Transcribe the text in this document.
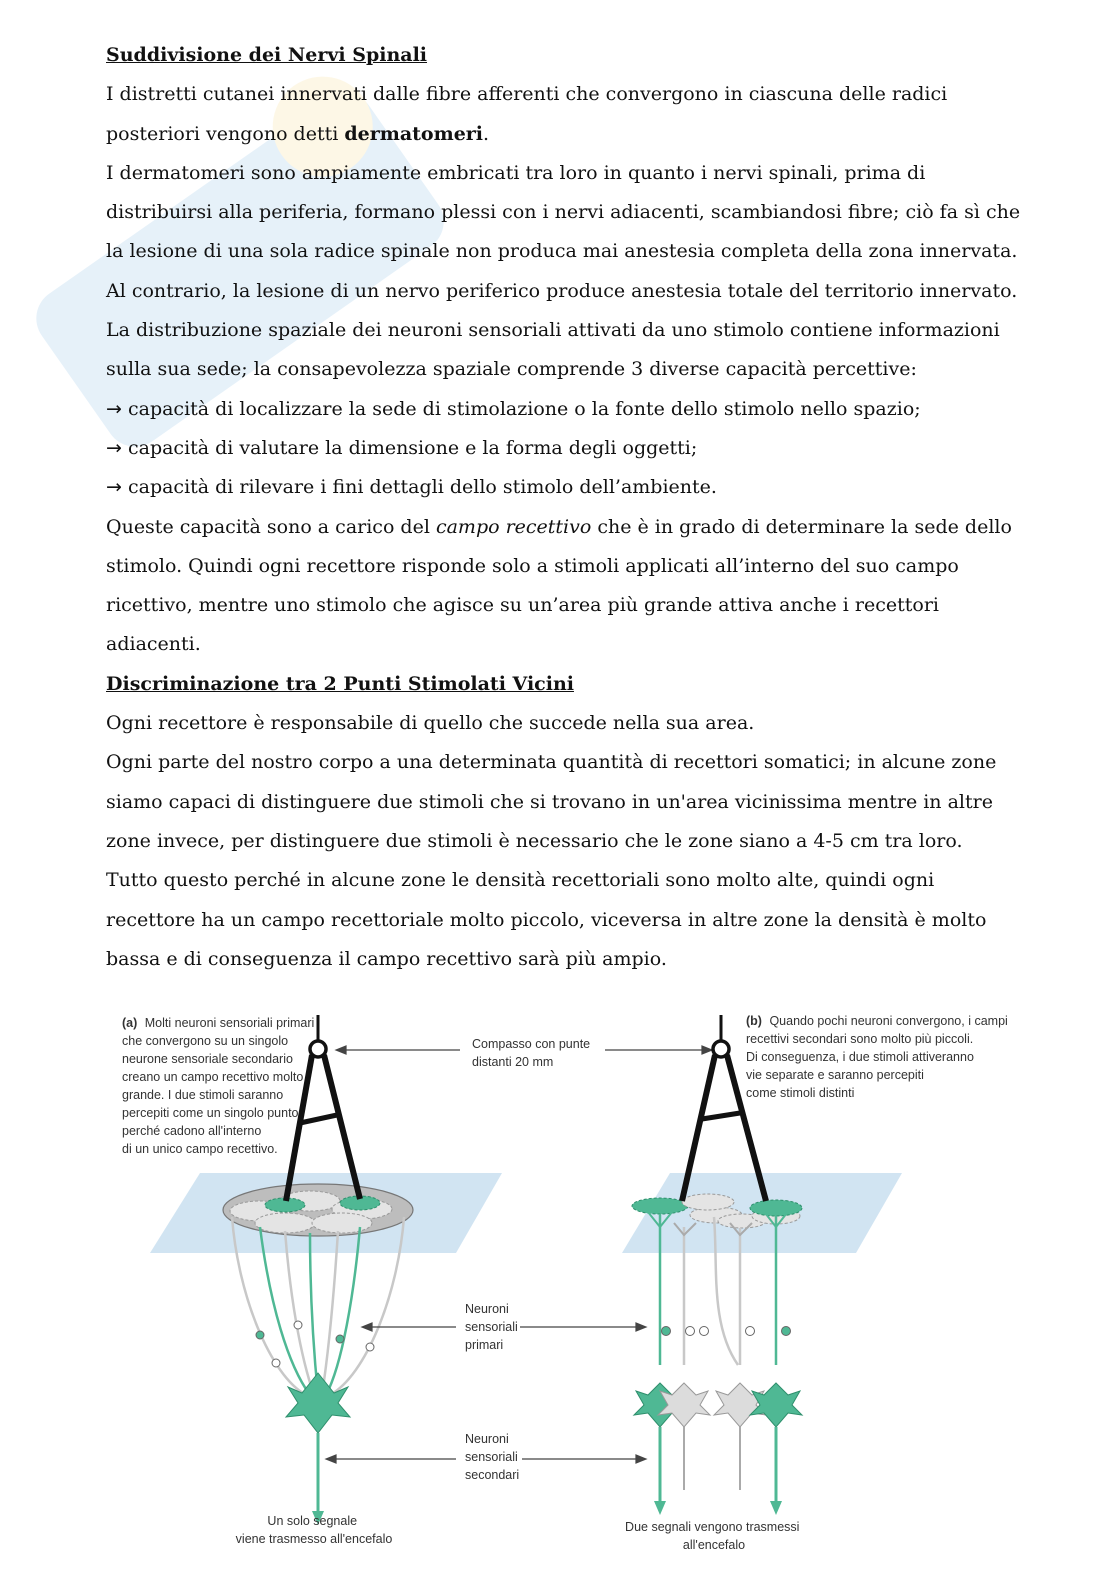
Suddivisione dei Nervi Spinali

I distretti cutanei innervati dalle fibre afferenti che convergono in ciascuna delle radici posteriori vengono detti dermatomeri.

I dermatomeri sono ampiamente embricati tra loro in quanto i nervi spinali, prima di distribuirsi alla periferia, formano plessi con i nervi adiacenti, scambiandosi fibre; ciò fa sì che la lesione di una sola radice spinale non produca mai anestesia completa della zona innervata.

Al contrario, la lesione di un nervo periferico produce anestesia totale del territorio innervato.

La distribuzione spaziale dei neuroni sensoriali attivati da uno stimolo contiene informazioni sulla sua sede; la consapevolezza spaziale comprende 3 diverse capacità percettive:

→ capacità di localizzare la sede di stimolazione o la fonte dello stimolo nello spazio;

→ capacità di valutare la dimensione e la forma degli oggetti;

→ capacità di rilevare i fini dettagli dello stimolo dell’ambiente.

Queste capacità sono a carico del campo recettivo che è in grado di determinare la sede dello stimolo. Quindi ogni recettore risponde solo a stimoli applicati all’interno del suo campo ricettivo, mentre uno stimolo che agisce su un’area più grande attiva anche i recettori adiacenti.

Discriminazione tra 2 Punti Stimolati Vicini

Ogni recettore è responsabile di quello che succede nella sua area.

Ogni parte del nostro corpo a una determinata quantità di recettori somatici; in alcune zone siamo capaci di distinguere due stimoli che si trovano in un'area vicinissima mentre in altre zone invece, per distinguere due stimoli è necessario che le zone siano a 4-5 cm tra loro.

Tutto questo perché in alcune zone le densità recettoriali sono molto alte, quindi ogni recettore ha un campo recettoriale molto piccolo, viceversa in altre zone la densità è molto bassa e di conseguenza il campo recettivo sarà più ampio.

(a) Molti neuroni sensoriali primari che convergono su un singolo neurone sensoriale secondario creano un campo recettivo molto grande. I due stimoli saranno percepiti come un singolo punto perché cadono all'interno di un unico campo recettivo.
(b) Quando pochi neuroni convergono, i campi recettivi secondari sono molto più piccoli. Di conseguenza, i due stimoli attiveranno vie separate e saranno percepiti come stimoli distinti
Compasso con punte distanti 20 mm
Neuroni sensoriali primari
Neuroni sensoriali secondari
Un solo segnale viene trasmesso all'encefalo
Due segnali vengono trasmessi all'encefalo
